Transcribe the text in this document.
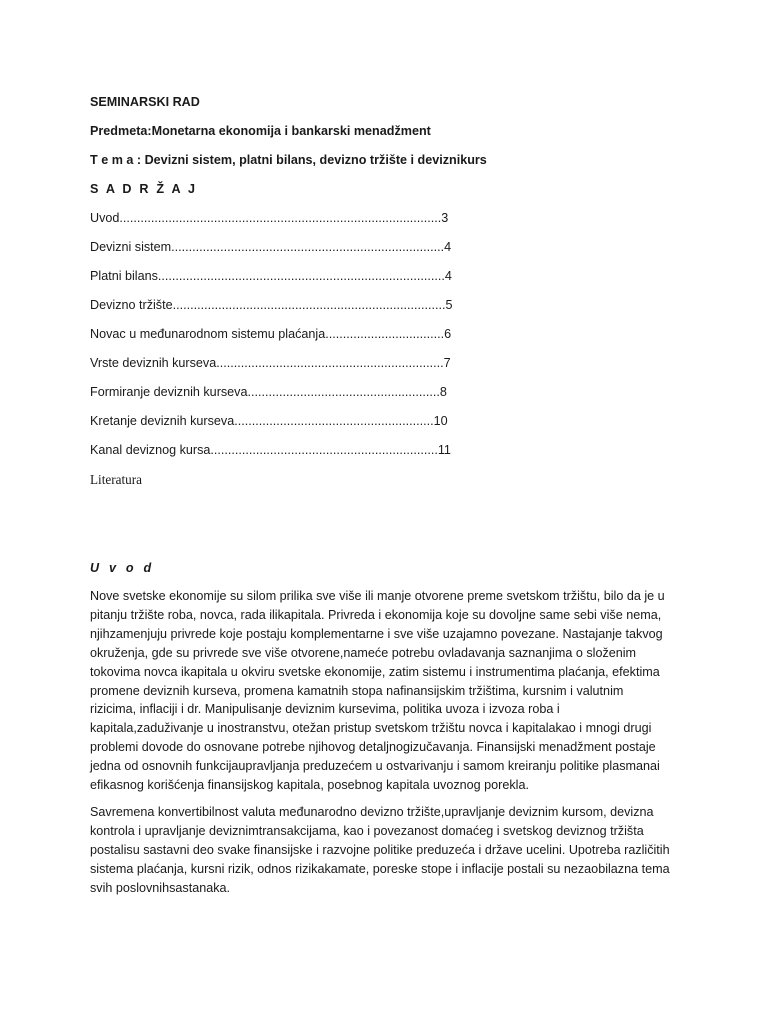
SEMINARSKI RAD
Predmeta:Monetarna ekonomija i bankarski menadžment
T e m a : Devizni sistem, platni bilans, devizno tržište i deviznikurs
S A D R Ž A J
Uvod............................................................................................3
Devizni sistem..............................................................................4
Platni bilans..................................................................................4
Devizno tržište..............................................................................5
Novac u međunarodnom sistemu plaćanja..................................6
Vrste deviznih kurseva.................................................................7
Formiranje deviznih kurseva.......................................................8
Kretanje deviznih kurseva.........................................................10
Kanal deviznog kursa.................................................................11
Literatura
U v o d
Nove svetske ekonomije su silom prilika sve više ili manje otvorene preme svetskom tržištu, bilo da je u
pitanju tržište roba, novca, rada ilikapitala. Privreda i ekonomija koje su dovoljne same sebi više nema,
njihzamenjuju privrede koje postaju komplementarne i sve više uzajamno povezane. Nastajanje takvog
okruženja, gde su privrede sve više otvorene,nameće potrebu ovladavanja saznanjima o složenim
tokovima novca ikapitala u okviru svetske ekonomije, zatim sistemu i instrumentima plaćanja, efektima
promene deviznih kurseva, promena kamatnih stopa nafinansijskim tržištima, kursnim i valutnim
rizicima, inflaciji i dr. Manipulisanje deviznim kursevima, politika uvoza i izvoza roba i
kapitala,zaduživanje u inostranstvu, otežan pristup svetskom tržištu novca i kapitalakao i mnogi drugi
problemi dovode do osnovane potrebe njihovog detaljnogizučavanja. Finansijski menadžment postaje
jedna od osnovnih funkcijaupravljanja preduzećem u ostvarivanju i samom kreiranju politike plasmanai
efikasnog korišćenja finansijskog kapitala, posebnog kapitala uvoznog porekla.
Savremena konvertibilnost valuta međunarodno devizno tržište,upravljanje deviznim kursom, devizna
kontrola i upravljanje deviznimtransakcijama, kao i povezanost domaćeg i svetskog deviznog tržišta
postalisu sastavni deo svake finansijske i razvojne politike preduzeća i države ucelini. Upotreba različitih
sistema plaćanja, kursni rizik, odnos rizikakamate, poreske stope i inflacije postali su nezaobilazna tema
svih poslovnihsastanaka.
